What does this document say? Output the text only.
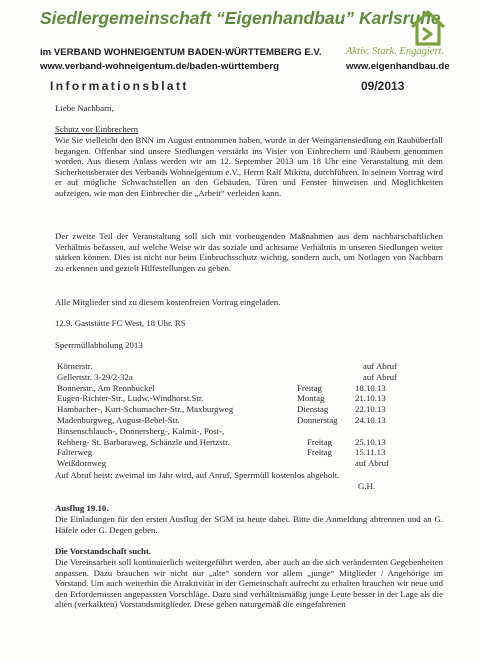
Siedlergemeinschaft “Eigenhandbau” Karlsruhe
im VERBAND WOHNEIGENTUM BADEN-WÜRTTEMBERG E.V.
www.verband-wohneigentum.de/baden-württemberg
Aktiv. Stark. Engagiert.
www.eigenhandbau.de
Informationsblatt	09/2013
Liebe Nachbarn,
Schutz vor Einbrechern

Wie Sie vielleicht den BNN im August entnommen haben, wurde in der Weingärtensiedlung ein Raubüberfall begangen. Offenbar sind unsere Siedlungen verstärkt ins Visier von Einbrechern und Räubern genommen worden. Aus diesem Anlass werden wir am 12. September 2013 um 18 Uhr eine Veranstaltung mit dem Sicherheitsberater des Verbands Wohneigentum e.V., Herrn Ralf Mikitta, durchführen. In seinem Vortrag wird er auf mögliche Schwachstellen an den Gebäuden, Türen und Fenster hinweisen und Möglichkeiten aufzeigen, wie man den Einbrecher die „Arbeit“ verleiden kann.

Der zweite Teil der Veranstaltung soll sich mit vorbeugenden Maßnahmen aus dem nachbarschaftlichen Verhältnis befassen, auf welche Weise wir das soziale und achtsame Verhältnis in unseren Siedlungen weiter stärken können. Dies ist nicht nur beim Einbruchsschutz wichtig, sondern auch, um Notlagen von Nachbarn zu erkennen und gezielt Hilfestellungen zu geben.

Alle Mitglieder sind zu diesem kostenfreien Vortrag eingeladen.
12.9. Gaststätte FC West, 18 Uhr. RS
Sperrmüllabholung 2013
Körnerstr.	auf Abruf
Gellertstr. 3-29/2-32a	auf Abruf
Bonnerstr., Am Rennbuckel	Freitag	18.10.13
Eugen-Richter-Str., Ludw.-Windhorst.Str.	Montag	21.10.13
Hambacher-, Kurt-Schumacher-Str., Maxburgweg	Dienstag	22.10.13
Madenburgweg, August-Bebel-Str.	Donnerstag 24.10.13
Binsenschlauch-, Donnersberg-, Kalmit-, Post-,
Rehberg- St. Barbaraweg, Schänzle und Hertzstr.	Freitag	25.10.13
Falterweg	Freitag	15.11.13
Weißdornweg	auf Abruf
Auf Abruf heist: zweimal im Jahr wird, auf Anruf, Sperrmüll kostenlos abgeholt.
G.H.
Ausflug 19.10.

Die Einladungen für den ersten Ausflug der SGM ist heute dabei. Bitte die Anmeldung abtrennen und an G. Häfele oder G. Degen geben.

Die Vorstandschaft sucht.

Die Vereinsarbeit soll kontinuierlich weitergeführt werden, aber auch an die sich verändernten Gegebenheiten anpassen. Dazu brauchen wir nicht nur „alte“ sondern vor allem „junge“ Mitglieder / Angehörige im Vorstand. Um auch weiterhin die Atraktivität in der Gemeinschaft aufrecht zu erhalten brauchen wir neue und den Erfordernissen angepassten Vorschläge. Dazu sind verhältnismäßig junge Leute besser in der Lage als die alten (verkalkten) Vorstandsmitglieder. Diese gehen naturgemäß die eingefahrenen
